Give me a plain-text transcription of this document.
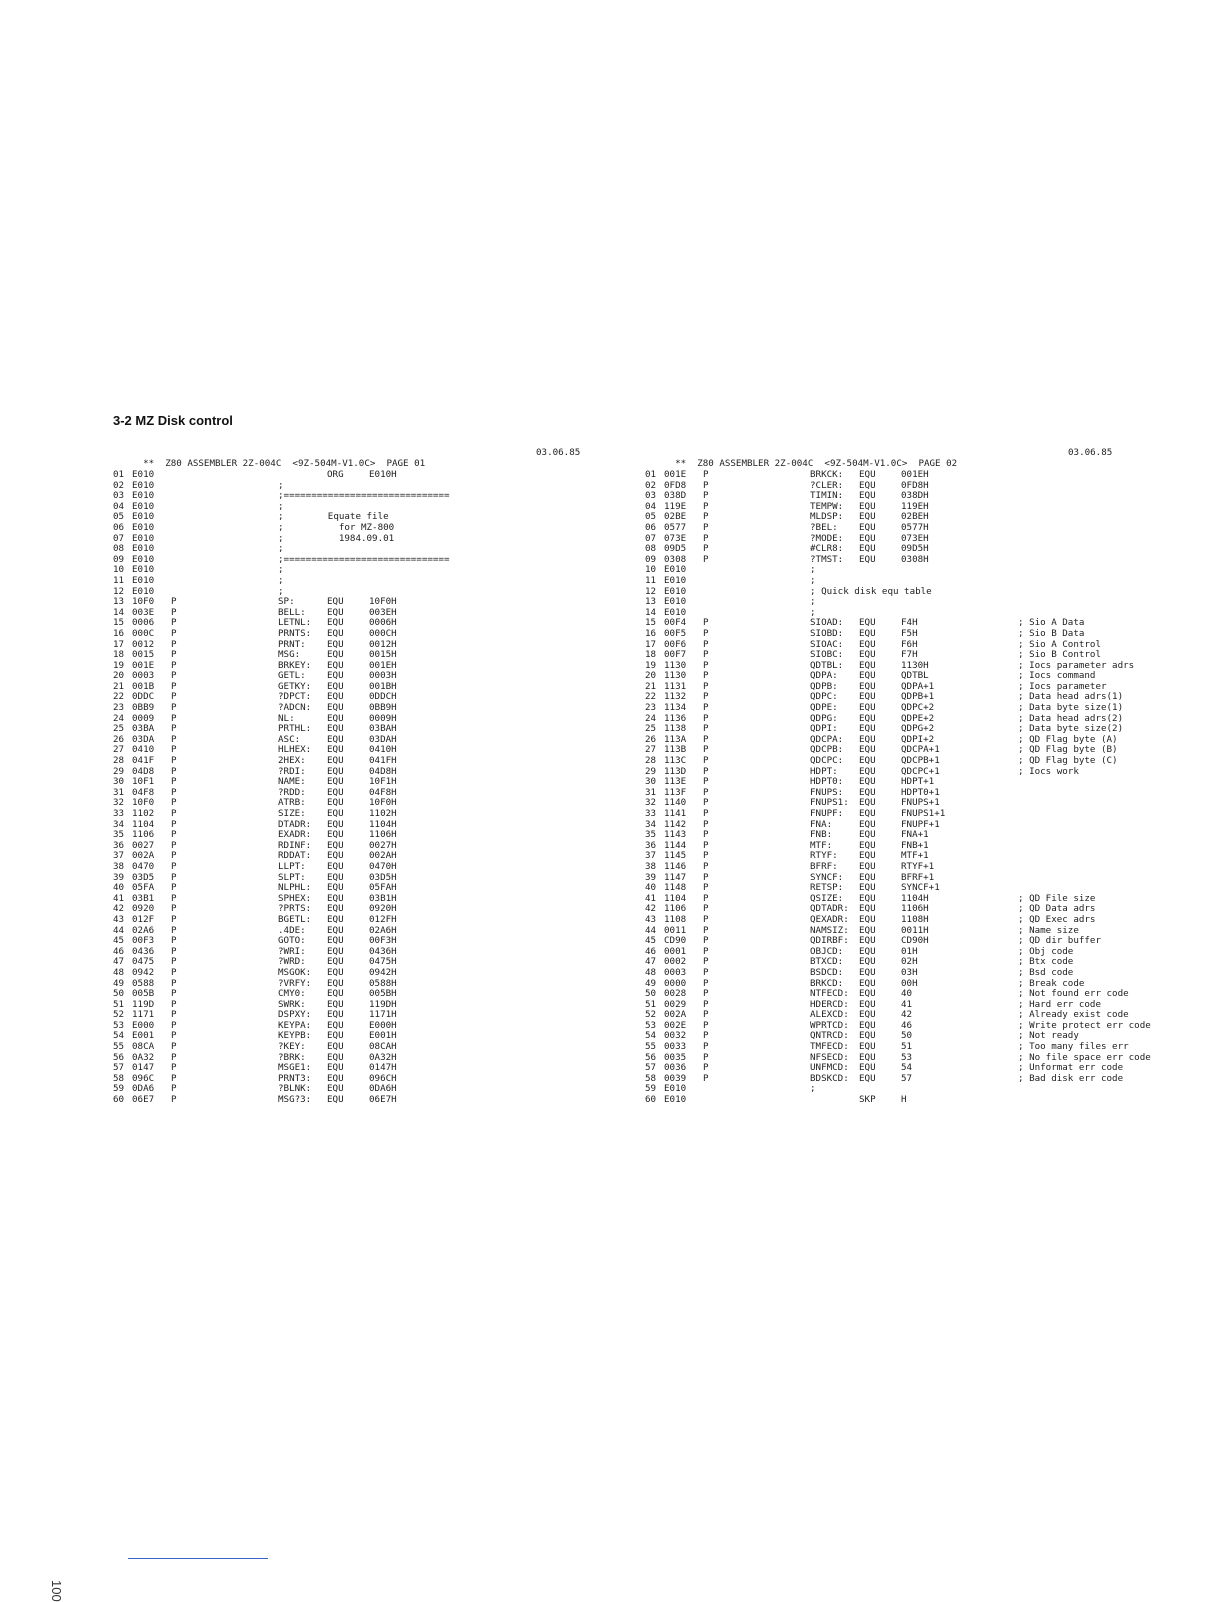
3-2 MZ Disk control
100

**  Z80 ASSEMBLER 2Z-004C  <9Z-504M-V1.0C>  PAGE 01

03.06.85

**  Z80 ASSEMBLER 2Z-004C  <9Z-504M-V1.0C>  PAGE 02

03.06.85

01 E010	ORG	E010H
02 E010	;
03 E010	;==============================
04 E010	;
05 E010	;        Equate file
06 E010	;          for MZ-800
07 E010	;          1984.09.01
08 E010	;
09 E010	;==============================
10 E010	;
11 E010	;
12 E010	;
13 10F0 P	SP:	EQU	10F0H
14 003E P	BELL: EQU	003EH
15 0006 P	LETNL: EQU	0006H
16 000C P	PRNTS: EQU	000CH
17 0012 P	PRNT: EQU	0012H
18 0015 P	MSG:	EQU	0015H
19 001E P	BRKEY: EQU	001EH
20 0003 P	GETL: EQU	0003H
21 001B P	GETKY: EQU	001BH
22 0DDC P	?DPCT: EQU	0DDCH
23 0BB9 P	?ADCN: EQU	0BB9H
24 0009 P	NL:	EQU	0009H
25 03BA P	PRTHL: EQU	03BAH
26 03DA P	ASC:	EQU	03DAH
27 0410 P	HLHEX: EQU	0410H
28 041F P	2HEX: EQU	041FH
29 04D8 P	?RDI: EQU	04D8H
30 10F1 P	NAME: EQU	10F1H
31 04F8 P	?RDD: EQU	04F8H
32 10F0 P	ATRB: EQU	10F0H
33 1102 P	SIZE: EQU	1102H
34 1104 P	DTADR: EQU	1104H
35 1106 P	EXADR: EQU	1106H
36 0027 P	RDINF: EQU	0027H
37 002A P	RDDAT: EQU	002AH
38 0470 P	LLPT: EQU	0470H
39 03D5 P	SLPT: EQU	03D5H
40 05FA P	NLPHL: EQU	05FAH
41 03B1 P	SPHEX: EQU	03B1H
42 0920 P	?PRTS: EQU	0920H
43 012F P	BGETL: EQU	012FH
44 02A6 P	.4DE: EQU	02A6H
45 00F3 P	GOTO: EQU	00F3H
46 0436 P	?WRI: EQU	0436H
47 0475 P	?WRD: EQU	0475H
48 0942 P	MSGOK: EQU	0942H
49 0588 P	?VRFY: EQU	0588H
50 005B P	CMY0: EQU	005BH
51 119D P	SWRK: EQU	119DH
52 1171 P	DSPXY: EQU	1171H
53 E000 P	KEYPA: EQU	E000H
54 E001 P	KEYPB: EQU	E001H
55 08CA P	?KEY: EQU	08CAH
56 0A32 P	?BRK: EQU	0A32H
57 0147 P	MSGE1: EQU	0147H
58 096C P	PRNT3: EQU	096CH
59 0DA6 P	?BLNK: EQU	0DA6H
60 06E7 P	MSG?3: EQU	06E7H
01 001E P	BRKCK: EQU	001EH
02 0FD8 P	?CLER: EQU	0FD8H
03 038D P	TIMIN: EQU	038DH
04 119E P	TEMPW: EQU	119EH
05 02BE P	MLDSP: EQU	02BEH
06 0577 P	?BEL: EQU	0577H
07 073E P	?MODE: EQU	073EH
08 09D5 P	#CLR8: EQU	09D5H
09 0308 P	?TMST: EQU	0308H
10 E010	;
11 E010	;
12 E010	; Quick disk equ table
13 E010	;
14 E010	;
15 00F4 P	SIOAD: EQU	F4H	; Sio A Data
16 00F5 P	SIOBD: EQU	F5H	; Sio B Data
17 00F6 P	SIOAC: EQU	F6H	; Sio A Control
18 00F7 P	SIOBC: EQU	F7H	; Sio B Control
19 1130 P	QDTBL: EQU	1130H	; Iocs parameter adrs
20 1130 P	QDPA: EQU	QDTBL	; Iocs command
21 1131 P	QDPB: EQU	QDPA+1	; Iocs parameter
22 1132 P	QDPC: EQU	QDPB+1	; Data head adrs(1)
23 1134 P	QDPE: EQU	QDPC+2	; Data byte size(1)
24 1136 P	QDPG: EQU	QDPE+2	; Data head adrs(2)
25 1138 P	QDPI: EQU	QDPG+2	; Data byte size(2)
26 113A P	QDCPA: EQU	QDPI+2	; QD Flag byte (A)
27 113B P	QDCPB: EQU	QDCPA+1	; QD Flag byte (B)
28 113C P	QDCPC: EQU	QDCPB+1	; QD Flag byte (C)
29 113D P	HDPT: EQU	QDCPC+1	; Iocs work
30 113E P	HDPT0: EQU	HDPT+1
31 113F P	FNUPS: EQU	HDPT0+1
32 1140 P	FNUPS1: EQU	FNUPS+1
33 1141 P	FNUPF: EQU	FNUPS1+1
34 1142 P	FNA:	EQU	FNUPF+1
35 1143 P	FNB:	EQU	FNA+1
36 1144 P	MTF:	EQU	FNB+1
37 1145 P	RTYF: EQU	MTF+1
38 1146 P	BFRF: EQU	RTYF+1
39 1147 P	SYNCF: EQU	BFRF+1
40 1148 P	RETSP: EQU	SYNCF+1
41 1104 P	QSIZE: EQU	1104H	; QD File size
42 1106 P	QDTADR: EQU	1106H	; QD Data adrs
43 1108 P	QEXADR: EQU	1108H	; QD Exec adrs
44 0011 P	NAMSIZ: EQU	0011H	; Name size
45 CD90 P	QDIRBF: EQU	CD90H	; QD dir buffer
46 0001 P	OBJCD: EQU	01H	; Obj code
47 0002 P	BTXCD: EQU	02H	; Btx code
48 0003 P	BSDCD: EQU	03H	; Bsd code
49 0000 P	BRKCD: EQU	00H	; Break code
50 0028 P	NTFECD: EQU	40	; Not found err code
51 0029 P	HDERCD: EQU	41	; Hard err code
52 002A P	ALEXCD: EQU	42	; Already exist code
53 002E P	WPRTCD: EQU	46	; Write protect err code
54 0032 P	QNTRCD: EQU	50	; Not ready
55 0033 P	TMFECD: EQU	51	; Too many files err
56 0035 P	NFSECD: EQU	53	; No file space err code
57 0036 P	UNFMCD: EQU	54	; Unformat err code
58 0039 P	BDSKCD: EQU	57	; Bad disk err code
59 E010	;
60 E010	SKP	H
